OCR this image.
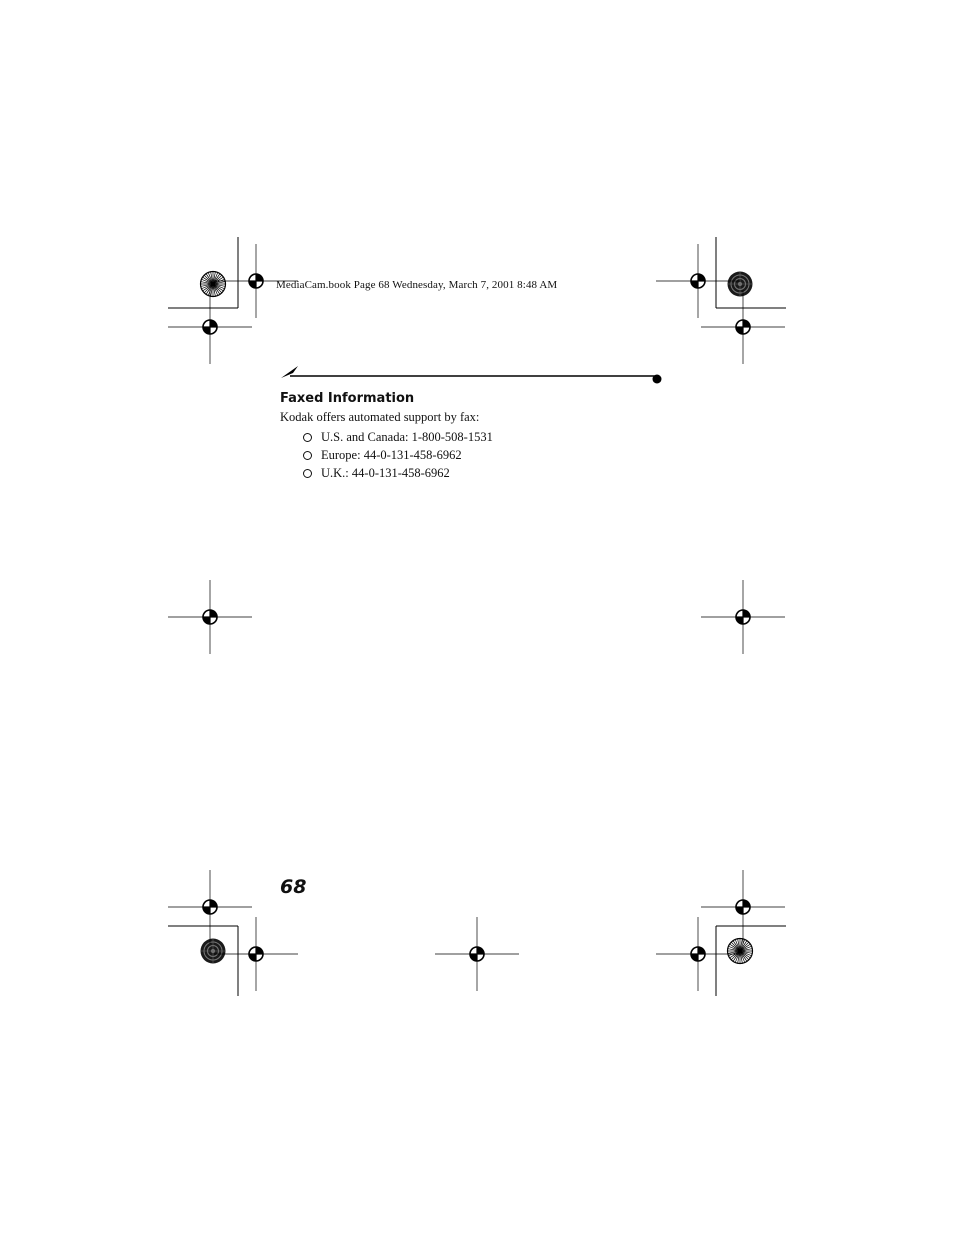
MediaCam.book Page 68 Wednesday, March 7, 2001 8:48 AM
Faxed Information
Kodak offers automated support by fax:
U.S. and Canada: 1-800-508-1531
Europe: 44-0-131-458-6962
U.K.: 44-0-131-458-6962
68
